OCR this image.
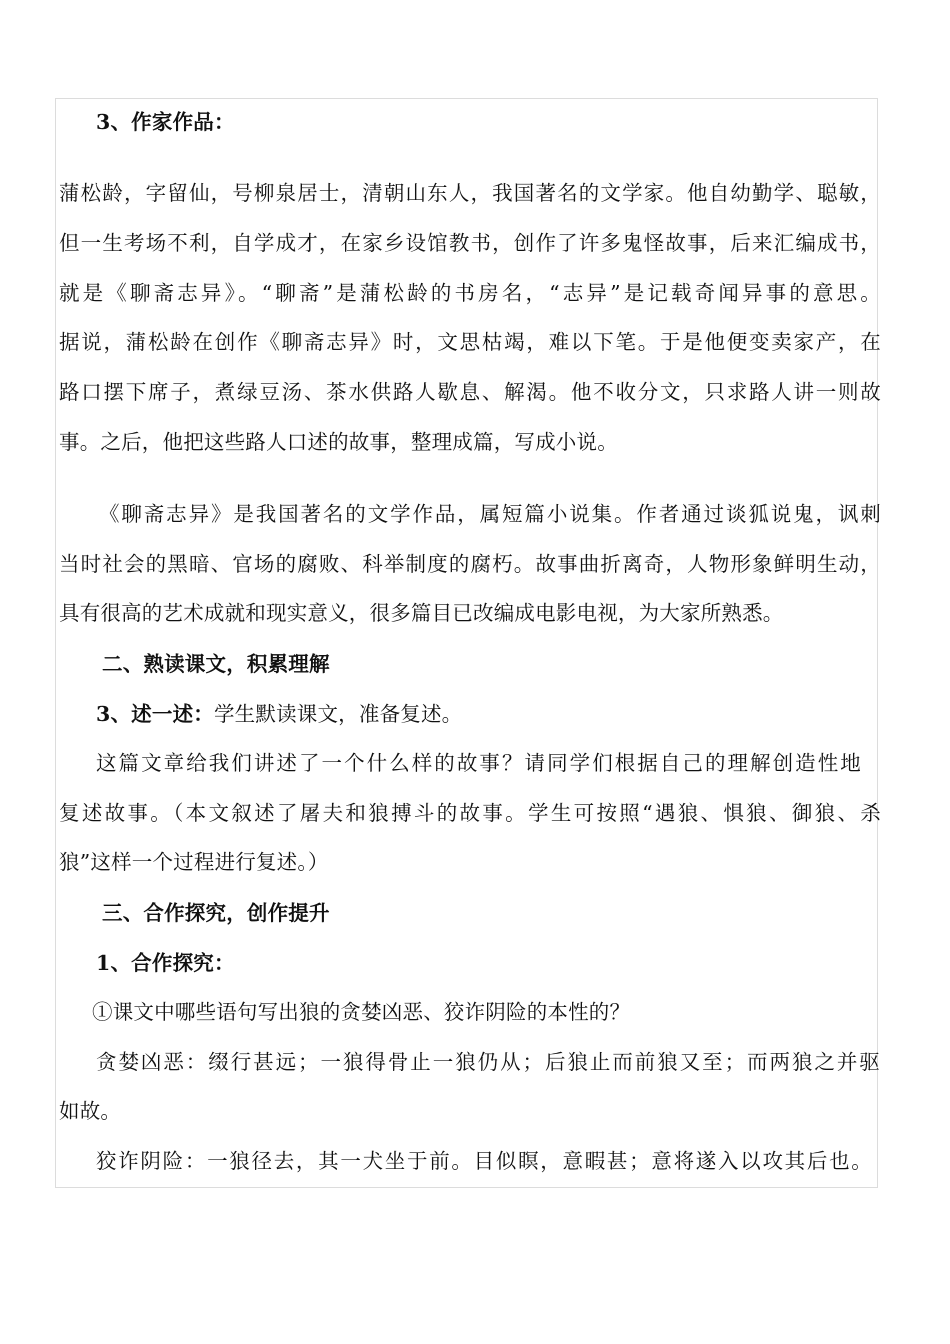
3、作家作品：
蒲松龄，字留仙，号柳泉居士，清朝山东人，我国著名的文学家。他自幼勤学、聪敏，
但一生考场不利，自学成才，在家乡设馆教书，创作了许多鬼怪故事，后来汇编成书，
就是《聊斋志异》。“聊斋”是蒲松龄的书房名，“志异”是记载奇闻异事的意思。
据说，蒲松龄在创作《聊斋志异》时，文思枯竭，难以下笔。于是他便变卖家产，在
路口摆下席子，煮绿豆汤、茶水供路人歇息、解渴。他不收分文，只求路人讲一则故
事。之后，他把这些路人口述的故事，整理成篇，写成小说。
《聊斋志异》是我国著名的文学作品，属短篇小说集。作者通过谈狐说鬼，讽刺
当时社会的黑暗、官场的腐败、科举制度的腐朽。故事曲折离奇，人物形象鲜明生动，
具有很高的艺术成就和现实意义，很多篇目已改编成电影电视，为大家所熟悉。
二、熟读课文，积累理解
3、述一述：学生默读课文，准备复述。
这篇文章给我们讲述了一个什么样的故事？请同学们根据自己的理解创造性地
复述故事。（本文叙述了屠夫和狼搏斗的故事。学生可按照“遇狼、惧狼、御狼、杀
狼”这样一个过程进行复述。）
三、合作探究，创作提升
1、合作探究：
①课文中哪些语句写出狼的贪婪凶恶、狡诈阴险的本性的？
贪婪凶恶：缀行甚远；一狼得骨止一狼仍从；后狼止而前狼又至；而两狼之并驱
如故。
狡诈阴险：一狼径去，其一犬坐于前。目似瞑，意暇甚；意将遂入以攻其后也。
